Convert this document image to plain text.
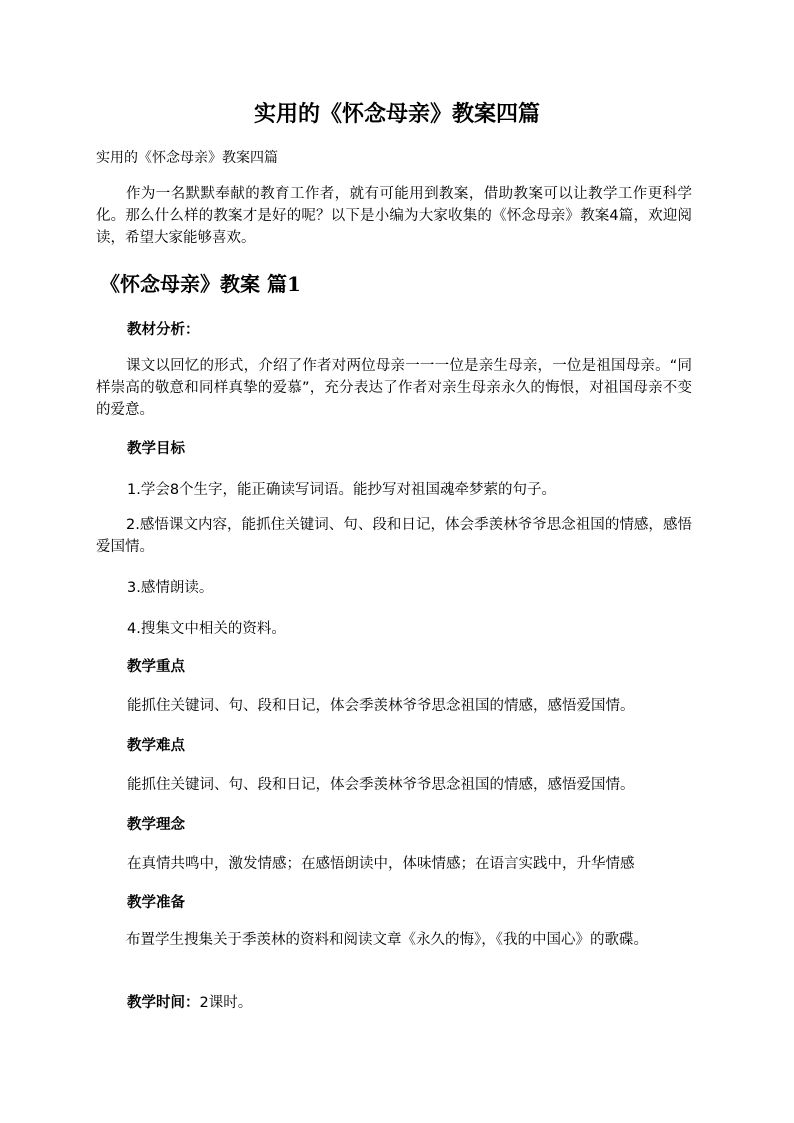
实用的《怀念母亲》教案四篇

实用的《怀念母亲》教案四篇

作为一名默默奉献的教育工作者，就有可能用到教案，借助教案可以让教学工作更科学化。那么什么样的教案才是好的呢？以下是小编为大家收集的《怀念母亲》教案4篇，欢迎阅读，希望大家能够喜欢。

《怀念母亲》教案 篇1

教材分析：

课文以回忆的形式，介绍了作者对两位母亲一一一位是亲生母亲，一位是祖国母亲。“同样崇高的敬意和同样真挚的爱慕”，充分表达了作者对亲生母亲永久的悔恨，对祖国母亲不变的爱意。

教学目标

1.学会8个生字，能正确读写词语。能抄写对祖国魂牵梦萦的句子。

2.感悟课文内容，能抓住关键词、句、段和日记，体会季羡林爷爷思念祖国的情感，感悟爱国情。

3.感情朗读。

4.搜集文中相关的资料。

教学重点

能抓住关键词、句、段和日记，体会季羡林爷爷思念祖国的情感，感悟爱国情。

教学难点

能抓住关键词、句、段和日记，体会季羡林爷爷思念祖国的情感，感悟爱国情。

教学理念

在真情共鸣中，激发情感；在感悟朗读中，体味情感；在语言实践中，升华情感

教学准备

布置学生搜集关于季羡林的资料和阅读文章《永久的悔》，《我的中国心》的歌碟。

教学时间：2课时。
